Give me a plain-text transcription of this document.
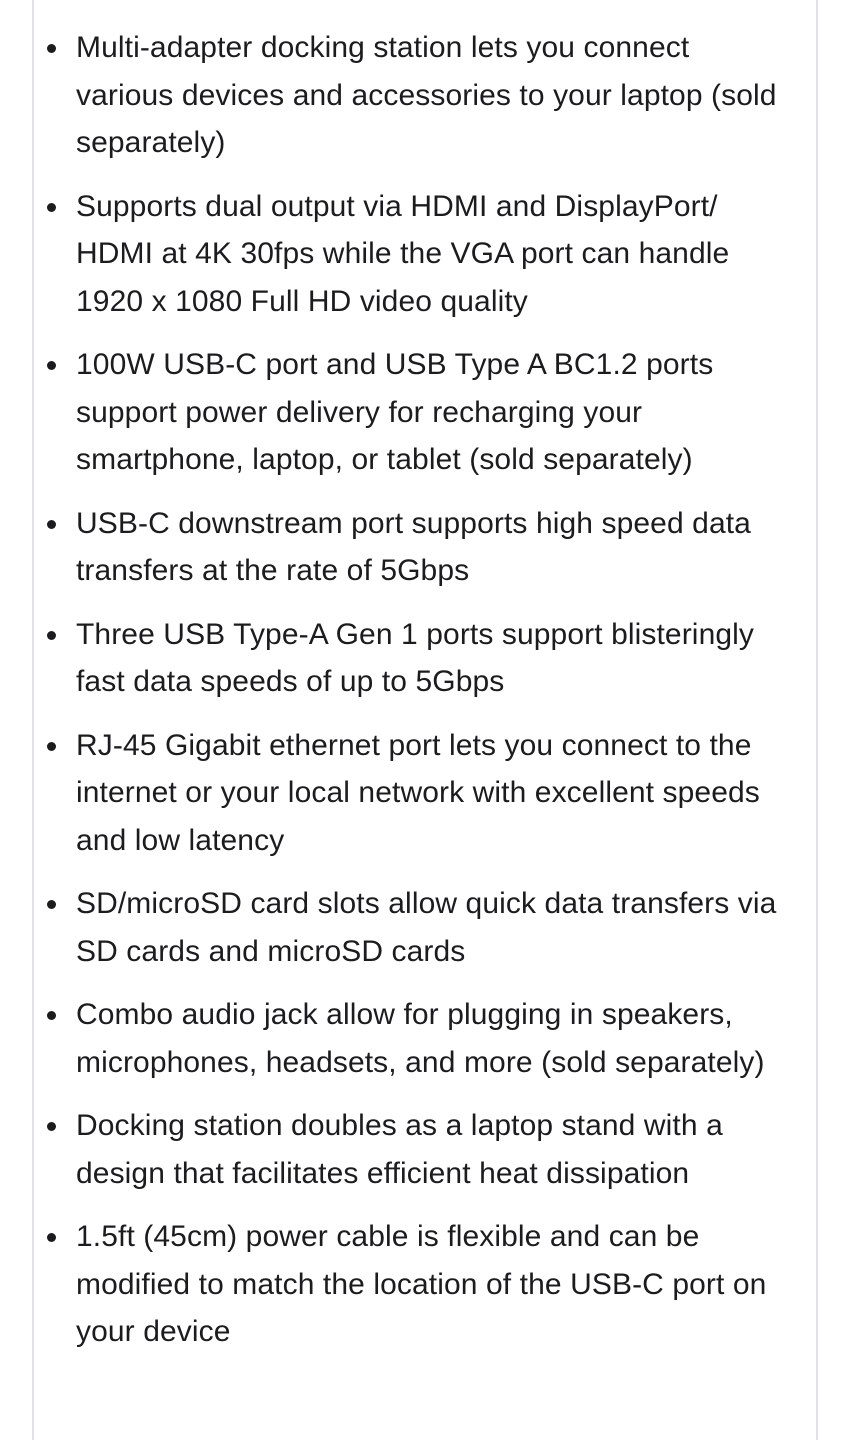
Multi-adapter docking station lets you connect various devices and accessories to your laptop (sold separately)
Supports dual output via HDMI and DisplayPort/ HDMI at 4K 30fps while the VGA port can handle 1920 x 1080 Full HD video quality
100W USB-C port and USB Type A BC1.2 ports support power delivery for recharging your smartphone, laptop, or tablet (sold separately)
USB-C downstream port supports high speed data transfers at the rate of 5Gbps
Three USB Type-A Gen 1 ports support blisteringly fast data speeds of up to 5Gbps
RJ-45 Gigabit ethernet port lets you connect to the internet or your local network with excellent speeds and low latency
SD/microSD card slots allow quick data transfers via SD cards and microSD cards
Combo audio jack allow for plugging in speakers, microphones, headsets, and more (sold separately)
Docking station doubles as a laptop stand with a design that facilitates efficient heat dissipation
1.5ft (45cm) power cable is flexible and can be modified to match the location of the USB-C port on your device
